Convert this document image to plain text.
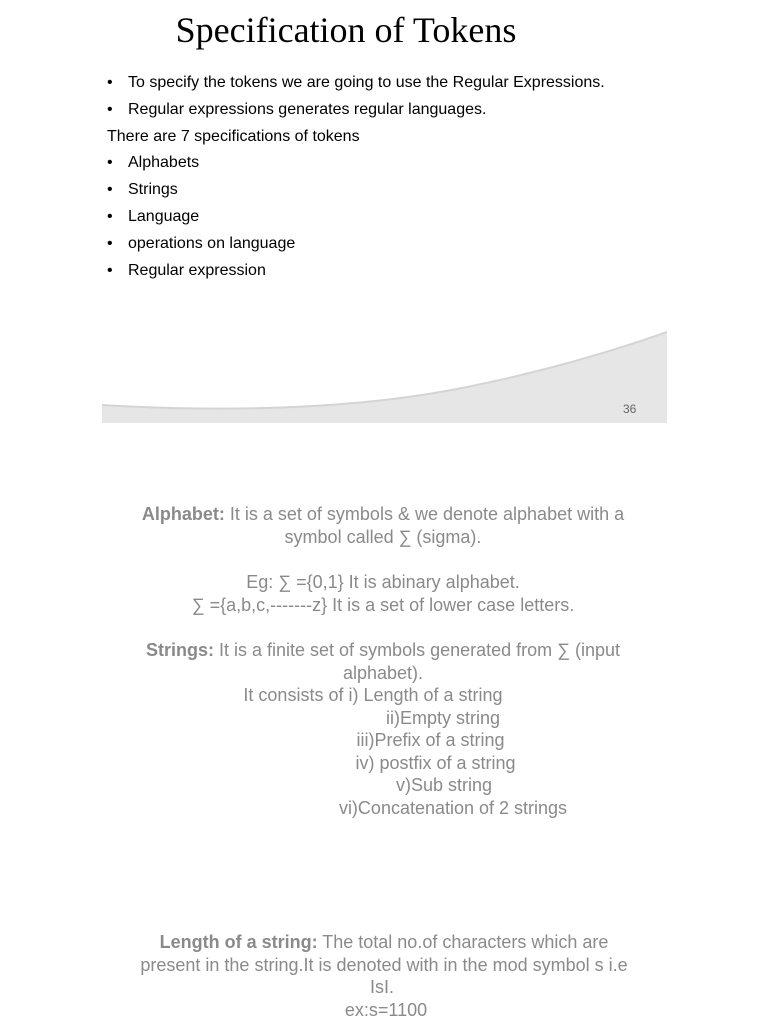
Specification of Tokens
• To specify the tokens we are going to use the Regular Expressions.
• Regular expressions generates regular languages.
There are 7 specifications of tokens
• Alphabets
• Strings
• Language
• operations on language
• Regular expression
36
Alphabet: It is a set of symbols & we denote alphabet with a
symbol called ∑ (sigma).
Eg: ∑ ={0,1} It is abinary alphabet.
∑ ={a,b,c,-------z} It is a set of lower case letters.
Strings: It is a finite set of symbols generated from ∑ (input
alphabet).
It consists of i) Length of a string
ii)Empty string
iii)Prefix of a string
iv) postfix of a string
v)Sub string
vi)Concatenation of 2 strings
Length of a string: The total no.of characters which are
present in the string.It is denoted with in the mod symbol s i.e
IsI.
ex:s=1100
